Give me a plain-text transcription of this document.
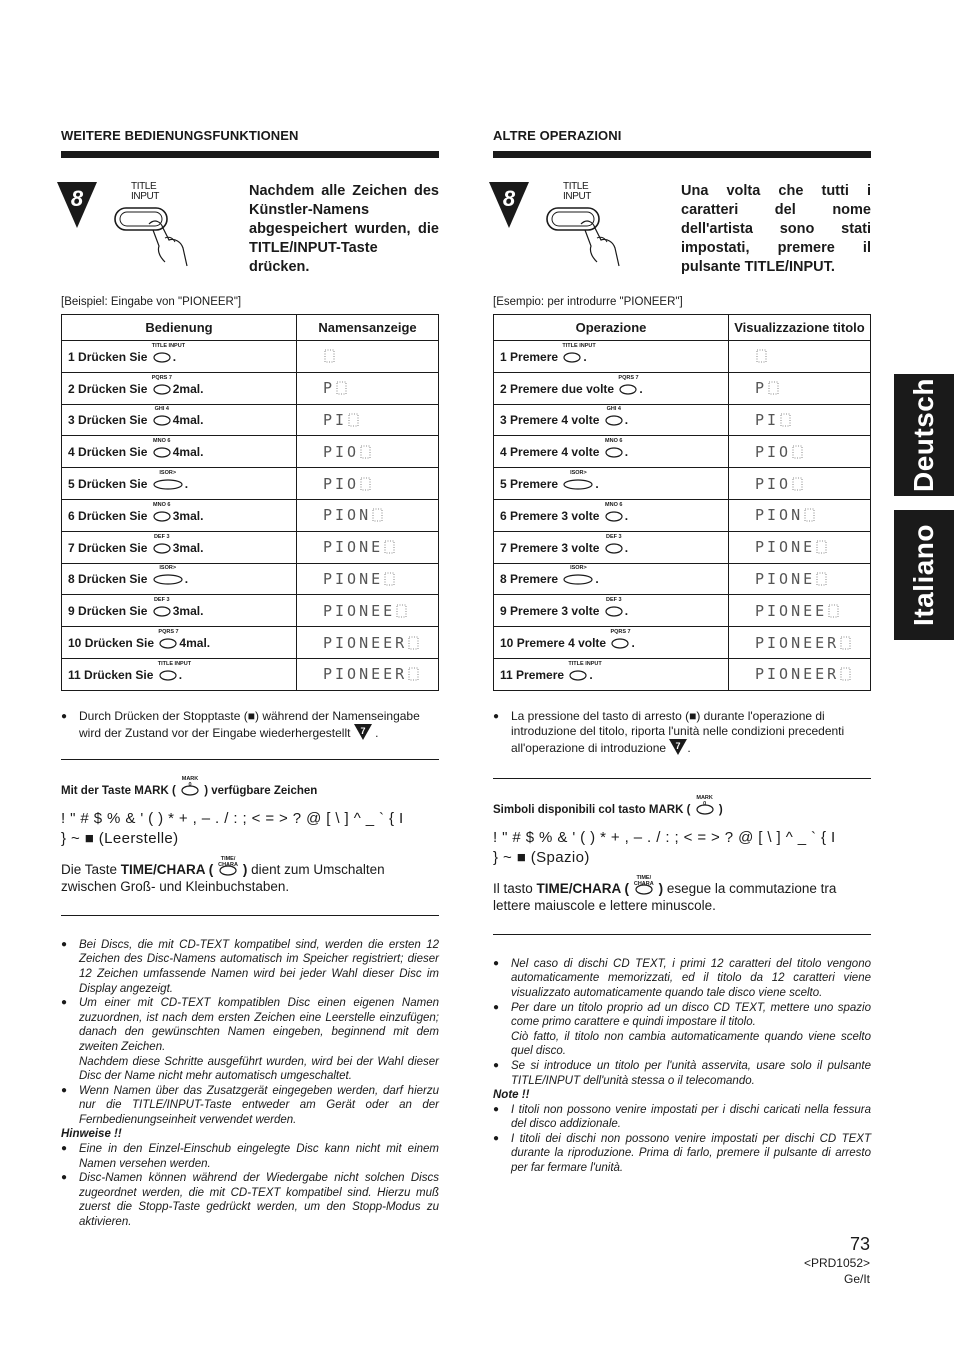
WEITERE BEDIENUNGSFUNKTIONEN
8	TITLE
INPUT	Nachdem alle Zeichen des Künstler-Namens abgespeichert wurden, die TITLE/INPUT-Taste drücken.
[Beispiel: Eingabe von "PIONEER"]
Bedienung	Namensanzeige
1 Drücken Sie
TITLE INPUT
.	
2 Drücken Sie
PQRS 7
2mal.	P
3 Drücken Sie
GHI 4
4mal.	PI
4 Drücken Sie
MNO 6
4mal.	PIO
5 Drücken Sie
ISOR>
.	PIO
6 Drücken Sie
MNO 6
3mal.	PION
7 Drücken Sie
DEF 3
3mal.	PIONE
8 Drücken Sie
ISOR>
.	PIONE
9 Drücken Sie
DEF 3
3mal.	PIONEE
10 Drücken Sie
PQRS 7
4mal.	PIONEER
11 Drücken Sie
TITLE INPUT
.	PIONEER
● Durch Drücken der Stopptaste (■) während der Namenseingabe wird der Zustand vor der Eingabe wiederhergestellt 7 .
Mit der Taste MARK (
MARK 0	) verfügbare Zeichen
! " # $ % & ' ( ) * + , – . / : ; < = > ? @ [ \ ] ^ _ ` { I
} ~ ■ (Leerstelle)
Die Taste TIME/CHARA (
TIME/ CHARA ) dient zum Umschalten zwischen Groß- und Kleinbuchstaben.
● Bei Discs, die mit CD-TEXT kompatibel sind, werden die ersten 12 Zeichen des Disc-Namens automatisch im Speicher registriert; dieser 12 Zeichen umfassende Namen wird bei jeder Wahl dieser Disc im Display angezeigt.
● Um einer mit CD-TEXT kompatiblen Disc einen eigenen Namen zuzuordnen, ist nach dem ersten Zeichen eine Leerstelle einzufügen; danach den gewünschten Namen eingeben, beginnend mit dem zweiten Zeichen.
Nachdem diese Schritte ausgeführt wurden, wird bei der Wahl dieser Disc der Name nicht mehr automatisch umgeschaltet.
● Wenn Namen über das Zusatzgerät eingegeben werden, darf hierzu nur die TITLE/INPUT-Taste entweder am Gerät oder an der Fernbedienungseinheit verwendet werden.
Hinweise !!
● Eine in den Einzel-Einschub eingelegte Disc kann nicht mit einem Namen versehen werden.
● Disc-Namen können während der Wiedergabe nicht solchen Discs zugeordnet werden, die mit CD-TEXT kompatibel sind. Hierzu muß zuerst die Stopp-Taste gedrückt werden, um den Stopp-Modus zu aktivieren.
ALTRE OPERAZIONI
8	TITLE
INPUT	Una volta che tutti i caratteri del nome dell'artista sono stati impostati, premere il pulsante TITLE/INPUT.
[Esempio: per introdurre "PIONEER"]
Operazione	Visualizzazione titolo
1 Premere
TITLE INPUT
.	
2 Premere due volte
PQRS 7
.	P
3 Premere 4 volte
GHI 4
.	PI
4 Premere 4 volte
MNO 6
.	PIO
5 Premere
ISOR>
.	PIO
6 Premere 3 volte
MNO 6
.	PION
7 Premere 3 volte
DEF 3
.	PIONE
8 Premere
ISOR>
.	PIONE
9 Premere 3 volte
DEF 3
.	PIONEE
10 Premere 4 volte
PQRS 7
.	PIONEER
11 Premere
TITLE INPUT
.	PIONEER
● La pressione del tasto di arresto (■) durante l'operazione di introduzione del titolo, riporta l'unità nelle condizioni precedenti all'operazione di introduzione 7 .
Simboli disponibili col tasto MARK (
MARK 0	)
! " # $ % & ' ( ) * + , – . / : ; < = > ? @ [ \ ] ^ _ ` { I
} ~ ■ (Spazio)
Il tasto TIME/CHARA (
TIME/ CHARA ) esegue la commutazione tra lettere maiuscole e lettere minuscole.
● Nel caso di dischi CD TEXT, i primi 12 caratteri del titolo vengono automaticamente memorizzati, ed il titolo da 12 caratteri viene visualizzato automaticamente quando tale disco viene scelto.
● Per dare un titolo proprio ad un disco CD TEXT, mettere uno spazio come primo carattere e quindi impostare il titolo.
Ciò fatto, il titolo non cambia automaticamente quando viene scelto quel disco.
● Se si introduce un titolo per l'unità asservita, usare solo il pulsante TITLE/INPUT dell'unità stessa o il telecomando.
Note !!
● I titoli non possono venire impostati per i dischi caricati nella fessura del disco addizionale.
● I titoli dei dischi non possono venire impostati per dischi CD TEXT durante la riproduzione. Prima di farlo, premere il pulsante di arresto per far fermare l'unità.
Deutsch
Italiano
73
<PRD1052>
Ge/It
